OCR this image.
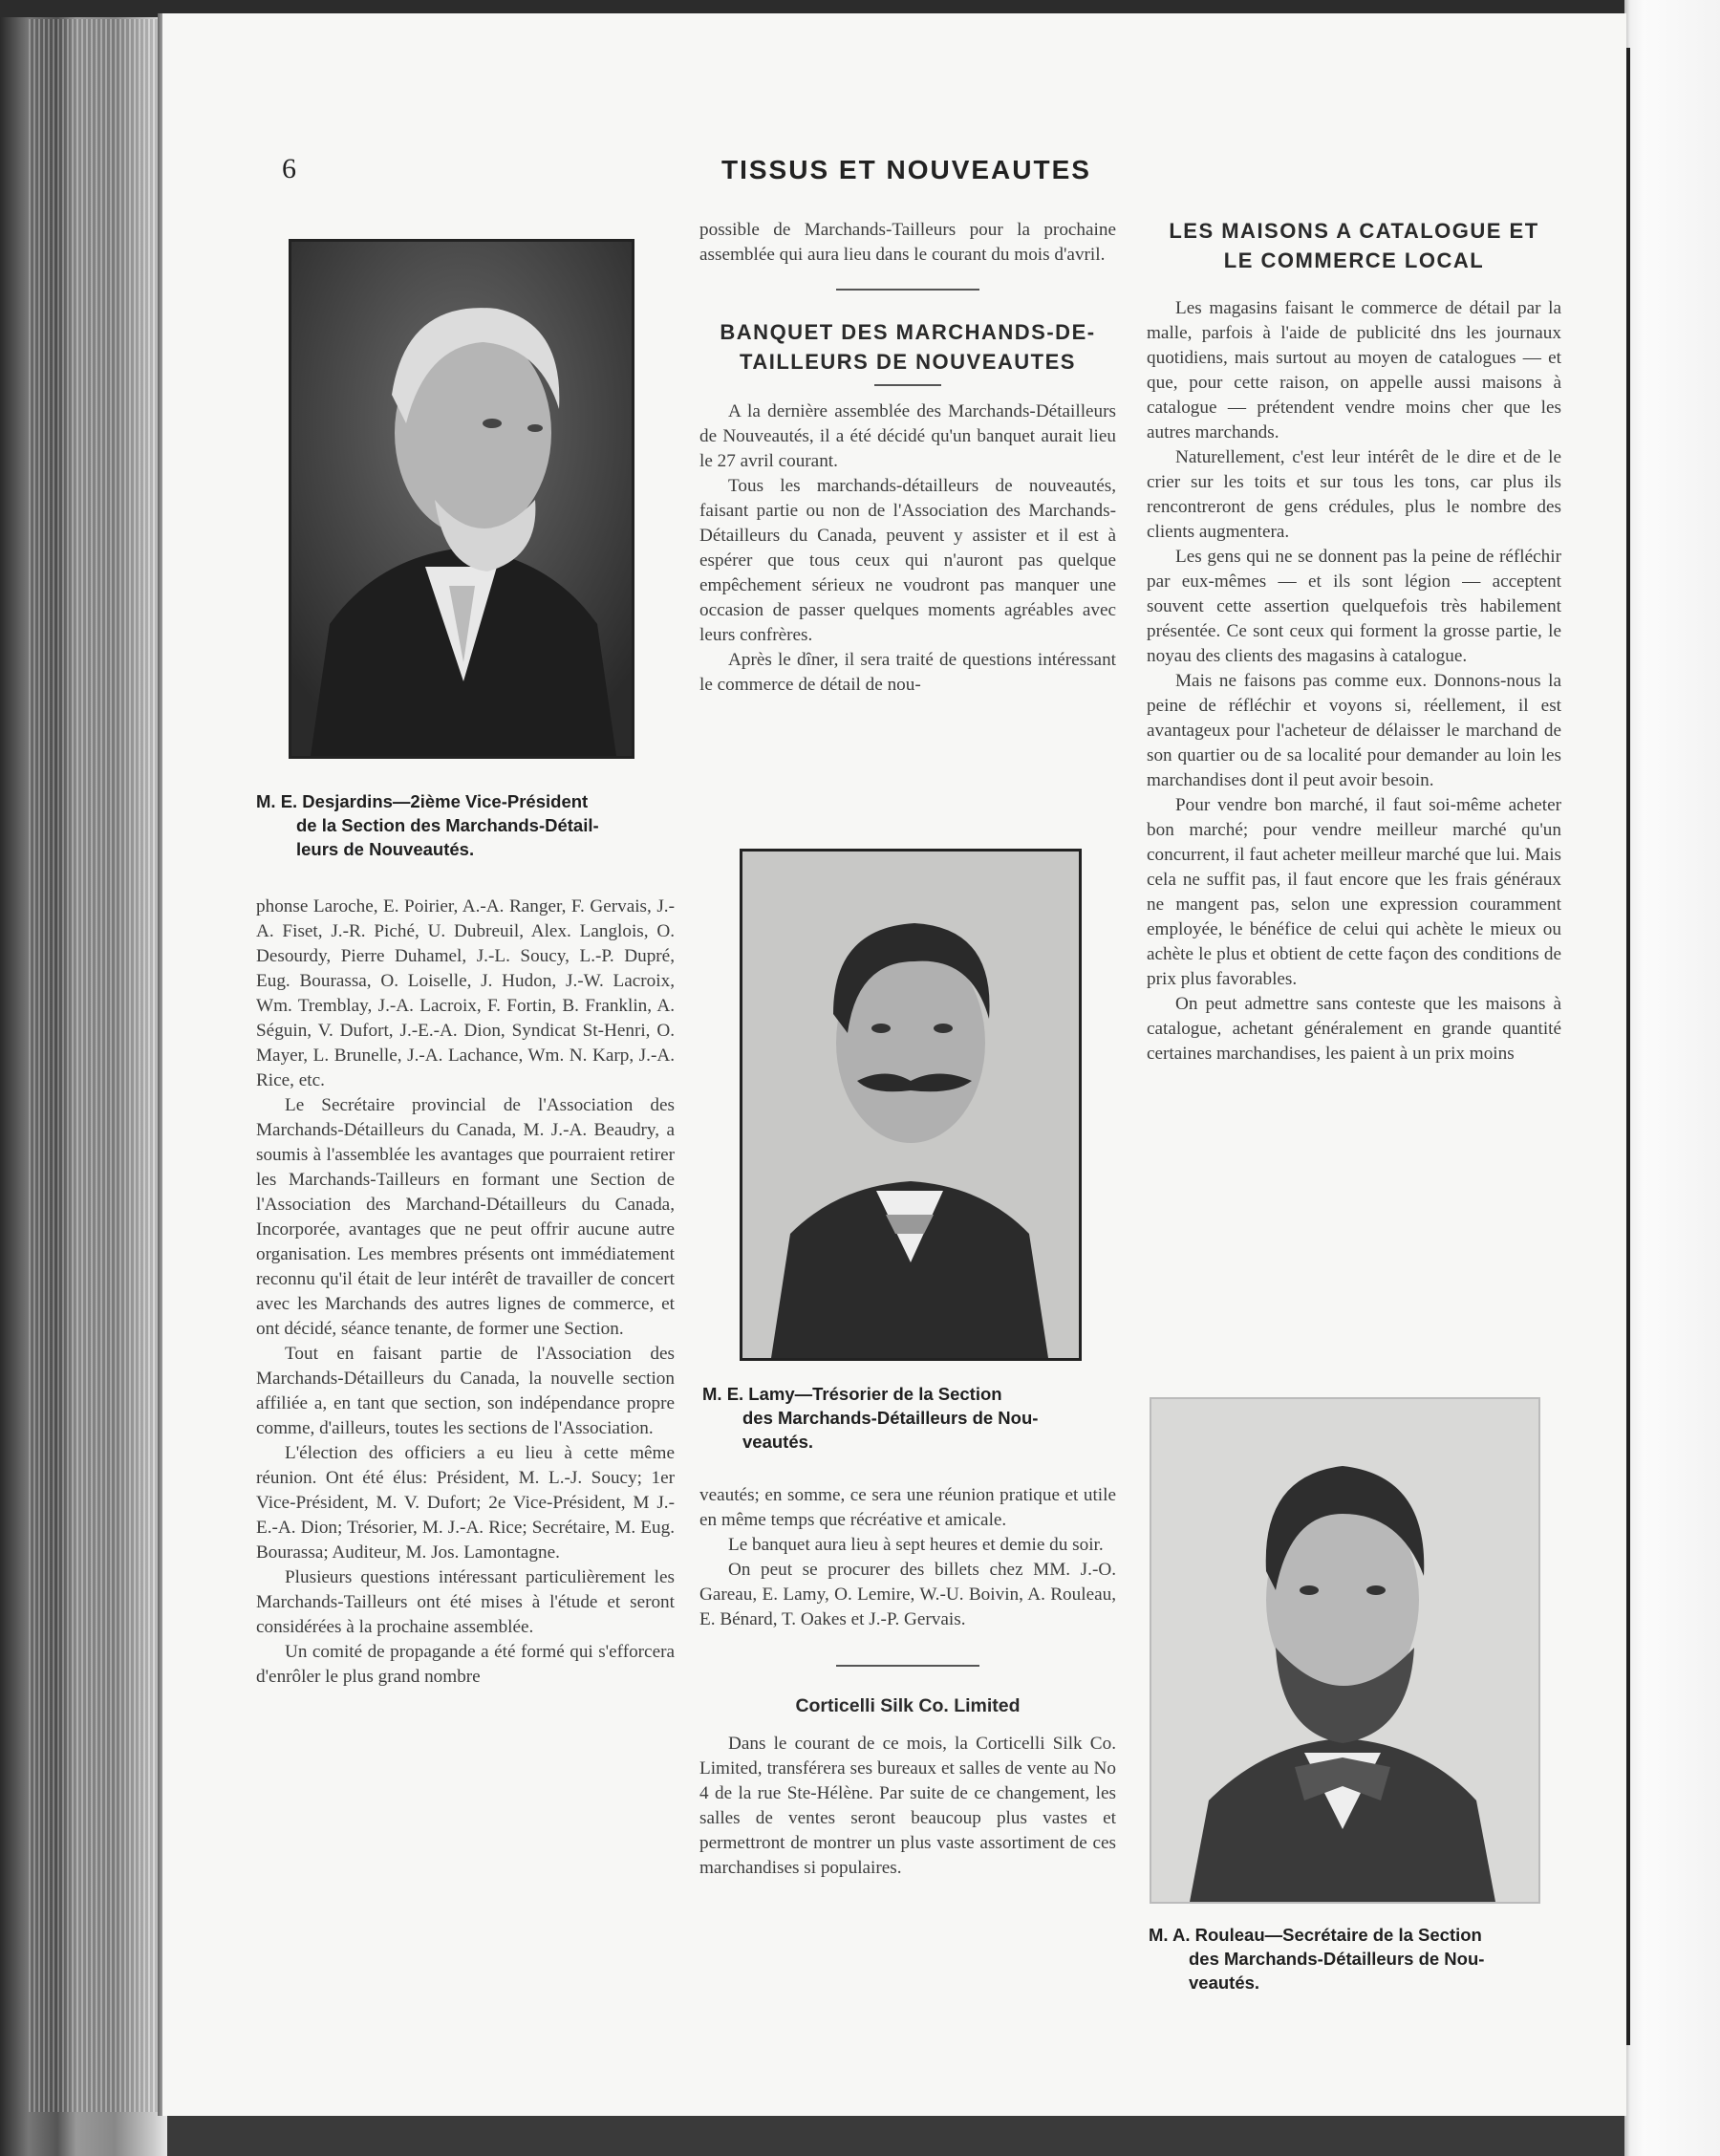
6	TISSUS ET NOUVEAUTES
M. E. Desjardins—2ième Vice-Président
de la Section des Marchands-Détail-
leurs de Nouveautés.

phonse Laroche, E. Poirier, A.-A. Ranger, F. Gervais, J.-A. Fiset, J.-R. Piché, U. Dubreuil, Alex. Langlois, O. Desourdy, Pierre Duhamel, J.-L. Soucy, L.-P. Dupré, Eug. Bourassa, O. Loiselle, J. Hudon, J.-W. Lacroix, Wm. Tremblay, J.-A. Lacroix, F. Fortin, B. Franklin, A. Séguin, V. Dufort, J.-E.-A. Dion, Syndicat St-Henri, O. Mayer, L. Brunelle, J.-A. Lachance, Wm. N. Karp, J.-A. Rice, etc.

Le Secrétaire provincial de l'Association des Marchands-Détailleurs du Canada, M. J.-A. Beaudry, a soumis à l'assemblée les avantages que pourraient retirer les Marchands-Tailleurs en formant une Section de l'Association des Marchand-Détailleurs du Canada, Incorporée, avantages que ne peut offrir aucune autre organisation. Les membres présents ont immédiatement reconnu qu'il était de leur intérêt de travailler de concert avec les Marchands des autres lignes de commerce, et ont décidé, séance tenante, de former une Section.

Tout en faisant partie de l'Association des Marchands-Détailleurs du Canada, la nouvelle section affiliée a, en tant que section, son indépendance propre comme, d'ailleurs, toutes les sections de l'Association.

L'élection des officiers a eu lieu à cette même réunion. Ont été élus: Président, M. L.-J. Soucy; 1er Vice-Président, M. V. Dufort; 2e Vice-Président, M J.-E.-A. Dion; Trésorier, M. J.-A. Rice; Secrétaire, M. Eug. Bourassa; Auditeur, M. Jos. Lamontagne.

Plusieurs questions intéressant particulièrement les Marchands-Tailleurs ont été mises à l'étude et seront considérées à la prochaine assemblée.

Un comité de propagande a été formé qui s'efforcera d'enrôler le plus grand nombre

possible de Marchands-Tailleurs pour la prochaine assemblée qui aura lieu dans le courant du mois d'avril.

BANQUET DES MARCHANDS-DE-
TAILLEURS DE NOUVEAUTES

A la dernière assemblée des Marchands-Détailleurs de Nouveautés, il a été décidé qu'un banquet aurait lieu le 27 avril courant.

Tous les marchands-détailleurs de nouveautés, faisant partie ou non de l'Association des Marchands-Détailleurs du Canada, peuvent y assister et il est à espérer que tous ceux qui n'auront pas quelque empêchement sérieux ne voudront pas manquer une occasion de passer quelques moments agréables avec leurs confrères.

Après le dîner, il sera traité de questions intéressant le commerce de détail de nou-

M. E. Lamy—Trésorier de la Section
des Marchands-Détailleurs de Nou-
veautés.

veautés; en somme, ce sera une réunion pratique et utile en même temps que récréative et amicale.

Le banquet aura lieu à sept heures et demie du soir.

On peut se procurer des billets chez MM. J.-O. Gareau, E. Lamy, O. Lemire, W.-U. Boivin, A. Rouleau, E. Bénard, T. Oakes et J.-P. Gervais.

Corticelli Silk Co. Limited

Dans le courant de ce mois, la Corticelli Silk Co. Limited, transférera ses bureaux et salles de vente au No 4 de la rue Ste-Hélène. Par suite de ce changement, les salles de ventes seront beaucoup plus vastes et permettront de montrer un plus vaste assortiment de ces marchandises si populaires.

LES MAISONS A CATALOGUE ET
LE COMMERCE LOCAL

Les magasins faisant le commerce de détail par la malle, parfois à l'aide de publicité dns les journaux quotidiens, mais surtout au moyen de catalogues — et que, pour cette raison, on appelle aussi maisons à catalogue — prétendent vendre moins cher que les autres marchands.

Naturellement, c'est leur intérêt de le dire et de le crier sur les toits et sur tous les tons, car plus ils rencontreront de gens crédules, plus le nombre des clients augmentera.

Les gens qui ne se donnent pas la peine de réfléchir par eux-mêmes — et ils sont légion — acceptent souvent cette assertion quelquefois très habilement présentée. Ce sont ceux qui forment la grosse partie, le noyau des clients des magasins à catalogue.

Mais ne faisons pas comme eux. Donnons-nous la peine de réfléchir et voyons si, réellement, il est avantageux pour l'acheteur de délaisser le marchand de son quartier ou de sa localité pour demander au loin les marchandises dont il peut avoir besoin.

Pour vendre bon marché, il faut soi-même acheter bon marché; pour vendre meilleur marché qu'un concurrent, il faut acheter meilleur marché que lui. Mais cela ne suffit pas, il faut encore que les frais généraux ne mangent pas, selon une expression couramment employée, le bénéfice de celui qui achète le mieux ou achète le plus et obtient de cette façon des conditions de prix plus favorables.

On peut admettre sans conteste que les maisons à catalogue, achetant généralement en grande quantité certaines marchandises, les paient à un prix moins

M. A. Rouleau—Secrétaire de la Section
des Marchands-Détailleurs de Nou-
veautés.
